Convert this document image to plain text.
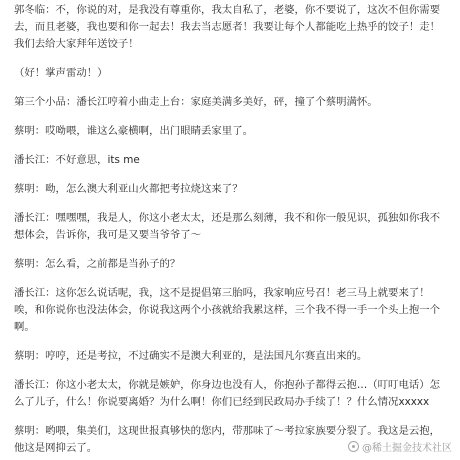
郭冬临：不，你说的对，是我没有尊重你，我太自私了，老婆，你不要说了，这次不但你需要去，而且老婆，我也要和你一起去！我去当志愿者！我要让每个人都能吃上热乎的饺子！走！我们去给大家拜年送饺子！

（好！掌声雷动！）

第三个小品：潘长江哼着小曲走上台：家庭美满多美好，砰，撞了个蔡明满怀。

蔡明：哎呦喂，谁这么豪横啊，出门眼睛丢家里了。

潘长江：不好意思，its me

蔡明：呦，怎么澳大利亚山火都把考拉烧这来了？

潘长江：嘿嘿嘿，我是人，你这小老太太，还是那么刻薄，我不和你一般见识，孤独如你我不想体会，告诉你，我可是又要当爷爷了～

蔡明：怎么看，之前都是当孙子的？

潘长江：这你怎么说话呢，我，这不是提倡第三胎吗，我家响应号召！老三马上就要来了！唉，和你说你也没法体会，你说我这两个小孩就给我累这样，三个我不得一手一个头上抱一个啊。

蔡明：哼哼，还是考拉，不过确实不是澳大利亚的，是法国凡尔赛直出来的。

潘长江：你这小老太太，你就是嫉妒，你身边也没有人，你抱孙子都得云抱…（叮叮电话）怎么了儿子，什么！你说要离婚？为什么啊！你们已经到民政局办手续了！？什么情况xxxxx

蔡明：哟喂，集美们，这现世报真够快的您内，带那味了～考拉家族要分裂了。我这是云抱，他这是网抑云了。	@稀土掘金技术社区
